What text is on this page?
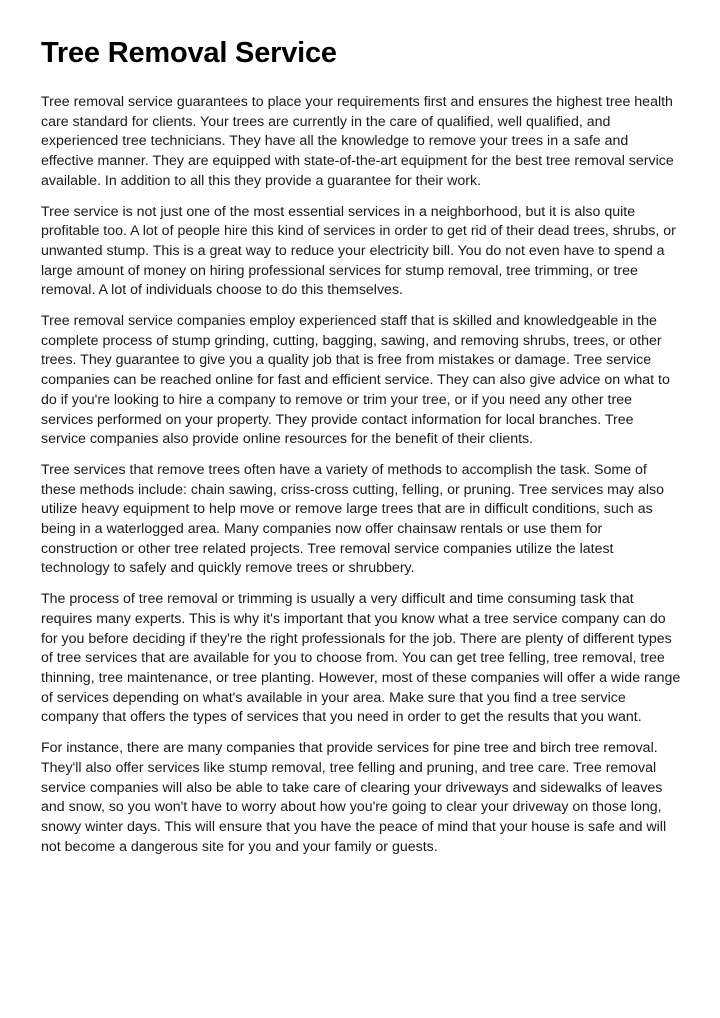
Tree Removal Service

Tree removal service guarantees to place your requirements first and ensures the highest tree health care standard for clients. Your trees are currently in the care of qualified, well qualified, and experienced tree technicians. They have all the knowledge to remove your trees in a safe and effective manner. They are equipped with state-of-the-art equipment for the best tree removal service available. In addition to all this they provide a guarantee for their work.

Tree service is not just one of the most essential services in a neighborhood, but it is also quite profitable too. A lot of people hire this kind of services in order to get rid of their dead trees, shrubs, or unwanted stump. This is a great way to reduce your electricity bill. You do not even have to spend a large amount of money on hiring professional services for stump removal, tree trimming, or tree removal. A lot of individuals choose to do this themselves.

Tree removal service companies employ experienced staff that is skilled and knowledgeable in the complete process of stump grinding, cutting, bagging, sawing, and removing shrubs, trees, or other trees. They guarantee to give you a quality job that is free from mistakes or damage. Tree service companies can be reached online for fast and efficient service. They can also give advice on what to do if you're looking to hire a company to remove or trim your tree, or if you need any other tree services performed on your property. They provide contact information for local branches. Tree service companies also provide online resources for the benefit of their clients.

Tree services that remove trees often have a variety of methods to accomplish the task. Some of these methods include: chain sawing, criss-cross cutting, felling, or pruning. Tree services may also utilize heavy equipment to help move or remove large trees that are in difficult conditions, such as being in a waterlogged area. Many companies now offer chainsaw rentals or use them for construction or other tree related projects. Tree removal service companies utilize the latest technology to safely and quickly remove trees or shrubbery.

The process of tree removal or trimming is usually a very difficult and time consuming task that requires many experts. This is why it's important that you know what a tree service company can do for you before deciding if they're the right professionals for the job. There are plenty of different types of tree services that are available for you to choose from. You can get tree felling, tree removal, tree thinning, tree maintenance, or tree planting. However, most of these companies will offer a wide range of services depending on what's available in your area. Make sure that you find a tree service company that offers the types of services that you need in order to get the results that you want.

For instance, there are many companies that provide services for pine tree and birch tree removal. They'll also offer services like stump removal, tree felling and pruning, and tree care. Tree removal service companies will also be able to take care of clearing your driveways and sidewalks of leaves and snow, so you won't have to worry about how you're going to clear your driveway on those long, snowy winter days. This will ensure that you have the peace of mind that your house is safe and will not become a dangerous site for you and your family or guests.
